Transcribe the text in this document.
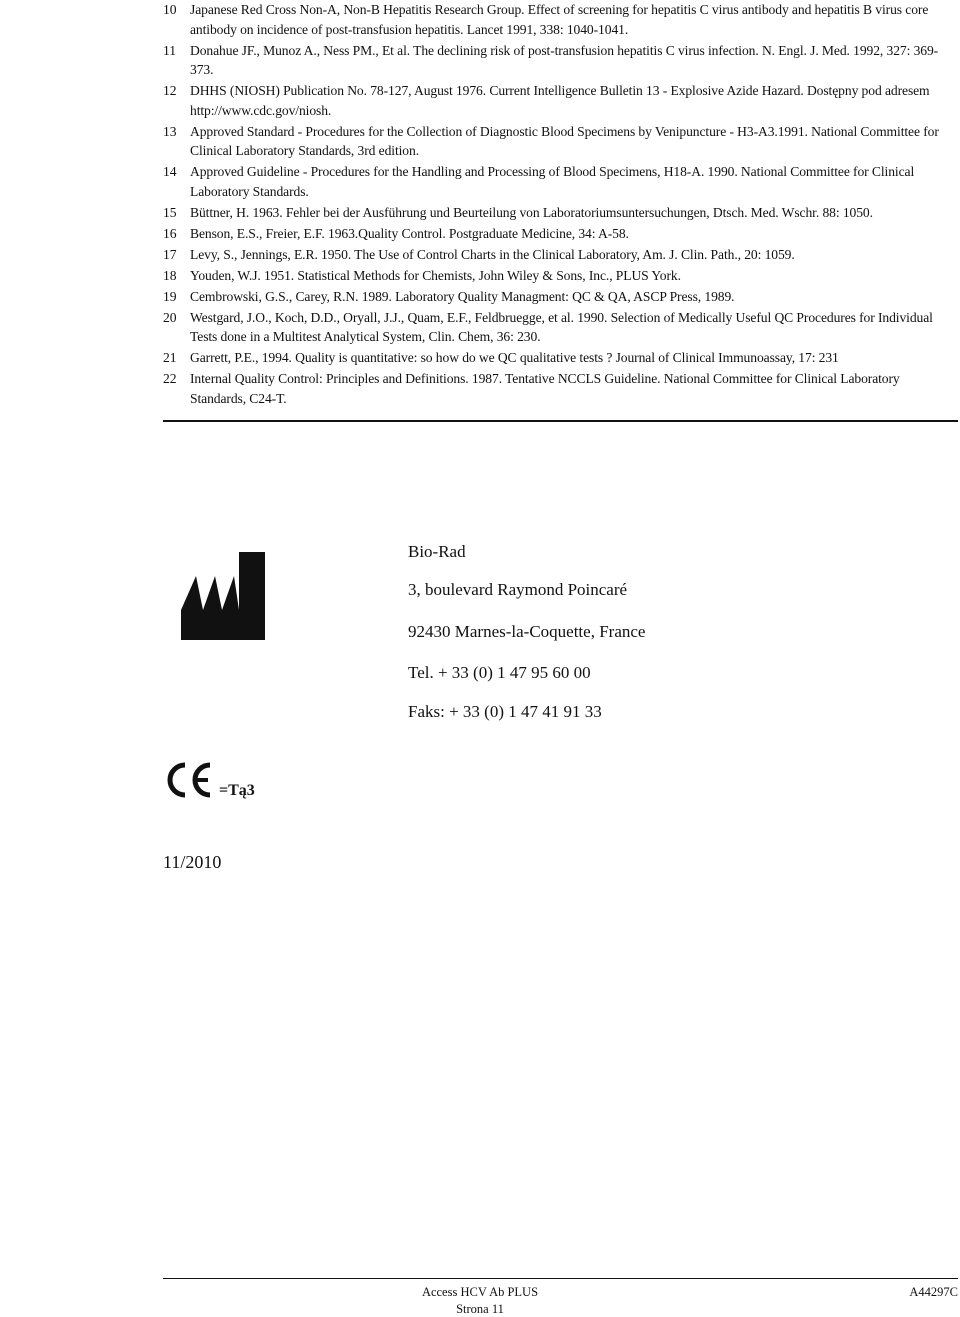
10 Japanese Red Cross Non-A, Non-B Hepatitis Research Group. Effect of screening for hepatitis C virus antibody and hepatitis B virus core antibody on incidence of post-transfusion hepatitis. Lancet 1991, 338: 1040-1041.
11 Donahue JF., Munoz A., Ness PM., Et al. The declining risk of post-transfusion hepatitis C virus infection. N. Engl. J. Med. 1992, 327: 369-373.
12 DHHS (NIOSH) Publication No. 78-127, August 1976. Current Intelligence Bulletin 13 - Explosive Azide Hazard. Dostępny pod adresem http://www.cdc.gov/niosh.
13 Approved Standard - Procedures for the Collection of Diagnostic Blood Specimens by Venipuncture - H3-A3.1991. National Committee for Clinical Laboratory Standards, 3rd edition.
14 Approved Guideline - Procedures for the Handling and Processing of Blood Specimens, H18-A. 1990. National Committee for Clinical Laboratory Standards.
15 Büttner, H. 1963. Fehler bei der Ausführung und Beurteilung von Laboratoriumsuntersuchungen, Dtsch. Med. Wschr. 88: 1050.
16 Benson, E.S., Freier, E.F. 1963.Quality Control. Postgraduate Medicine, 34: A-58.
17 Levy, S., Jennings, E.R. 1950. The Use of Control Charts in the Clinical Laboratory, Am. J. Clin. Path., 20: 1059.
18 Youden, W.J. 1951. Statistical Methods for Chemists, John Wiley & Sons, Inc., PLUS York.
19 Cembrowski, G.S., Carey, R.N. 1989. Laboratory Quality Managment: QC & QA, ASCP Press, 1989.
20 Westgard, J.O., Koch, D.D., Oryall, J.J., Quam, E.F., Feldbruegge, et al. 1990. Selection of Medically Useful QC Procedures for Individual Tests done in a Multitest Analytical System, Clin. Chem, 36: 230.
21 Garrett, P.E., 1994. Quality is quantitative: so how do we QC qualitative tests ? Journal of Clinical Immunoassay, 17: 231
22 Internal Quality Control: Principles and Definitions. 1987. Tentative NCCLS Guideline. National Committee for Clinical Laboratory Standards, C24-T.
Bio-Rad
3, boulevard Raymond Poincaré
92430 Marnes-la-Coquette, France
Tel. + 33 (0) 1 47 95 60 00
Faks: + 33 (0) 1 47 41 91 33
=Tą3
11/2010
Access HCV Ab PLUS
Strona 11
A44297C
